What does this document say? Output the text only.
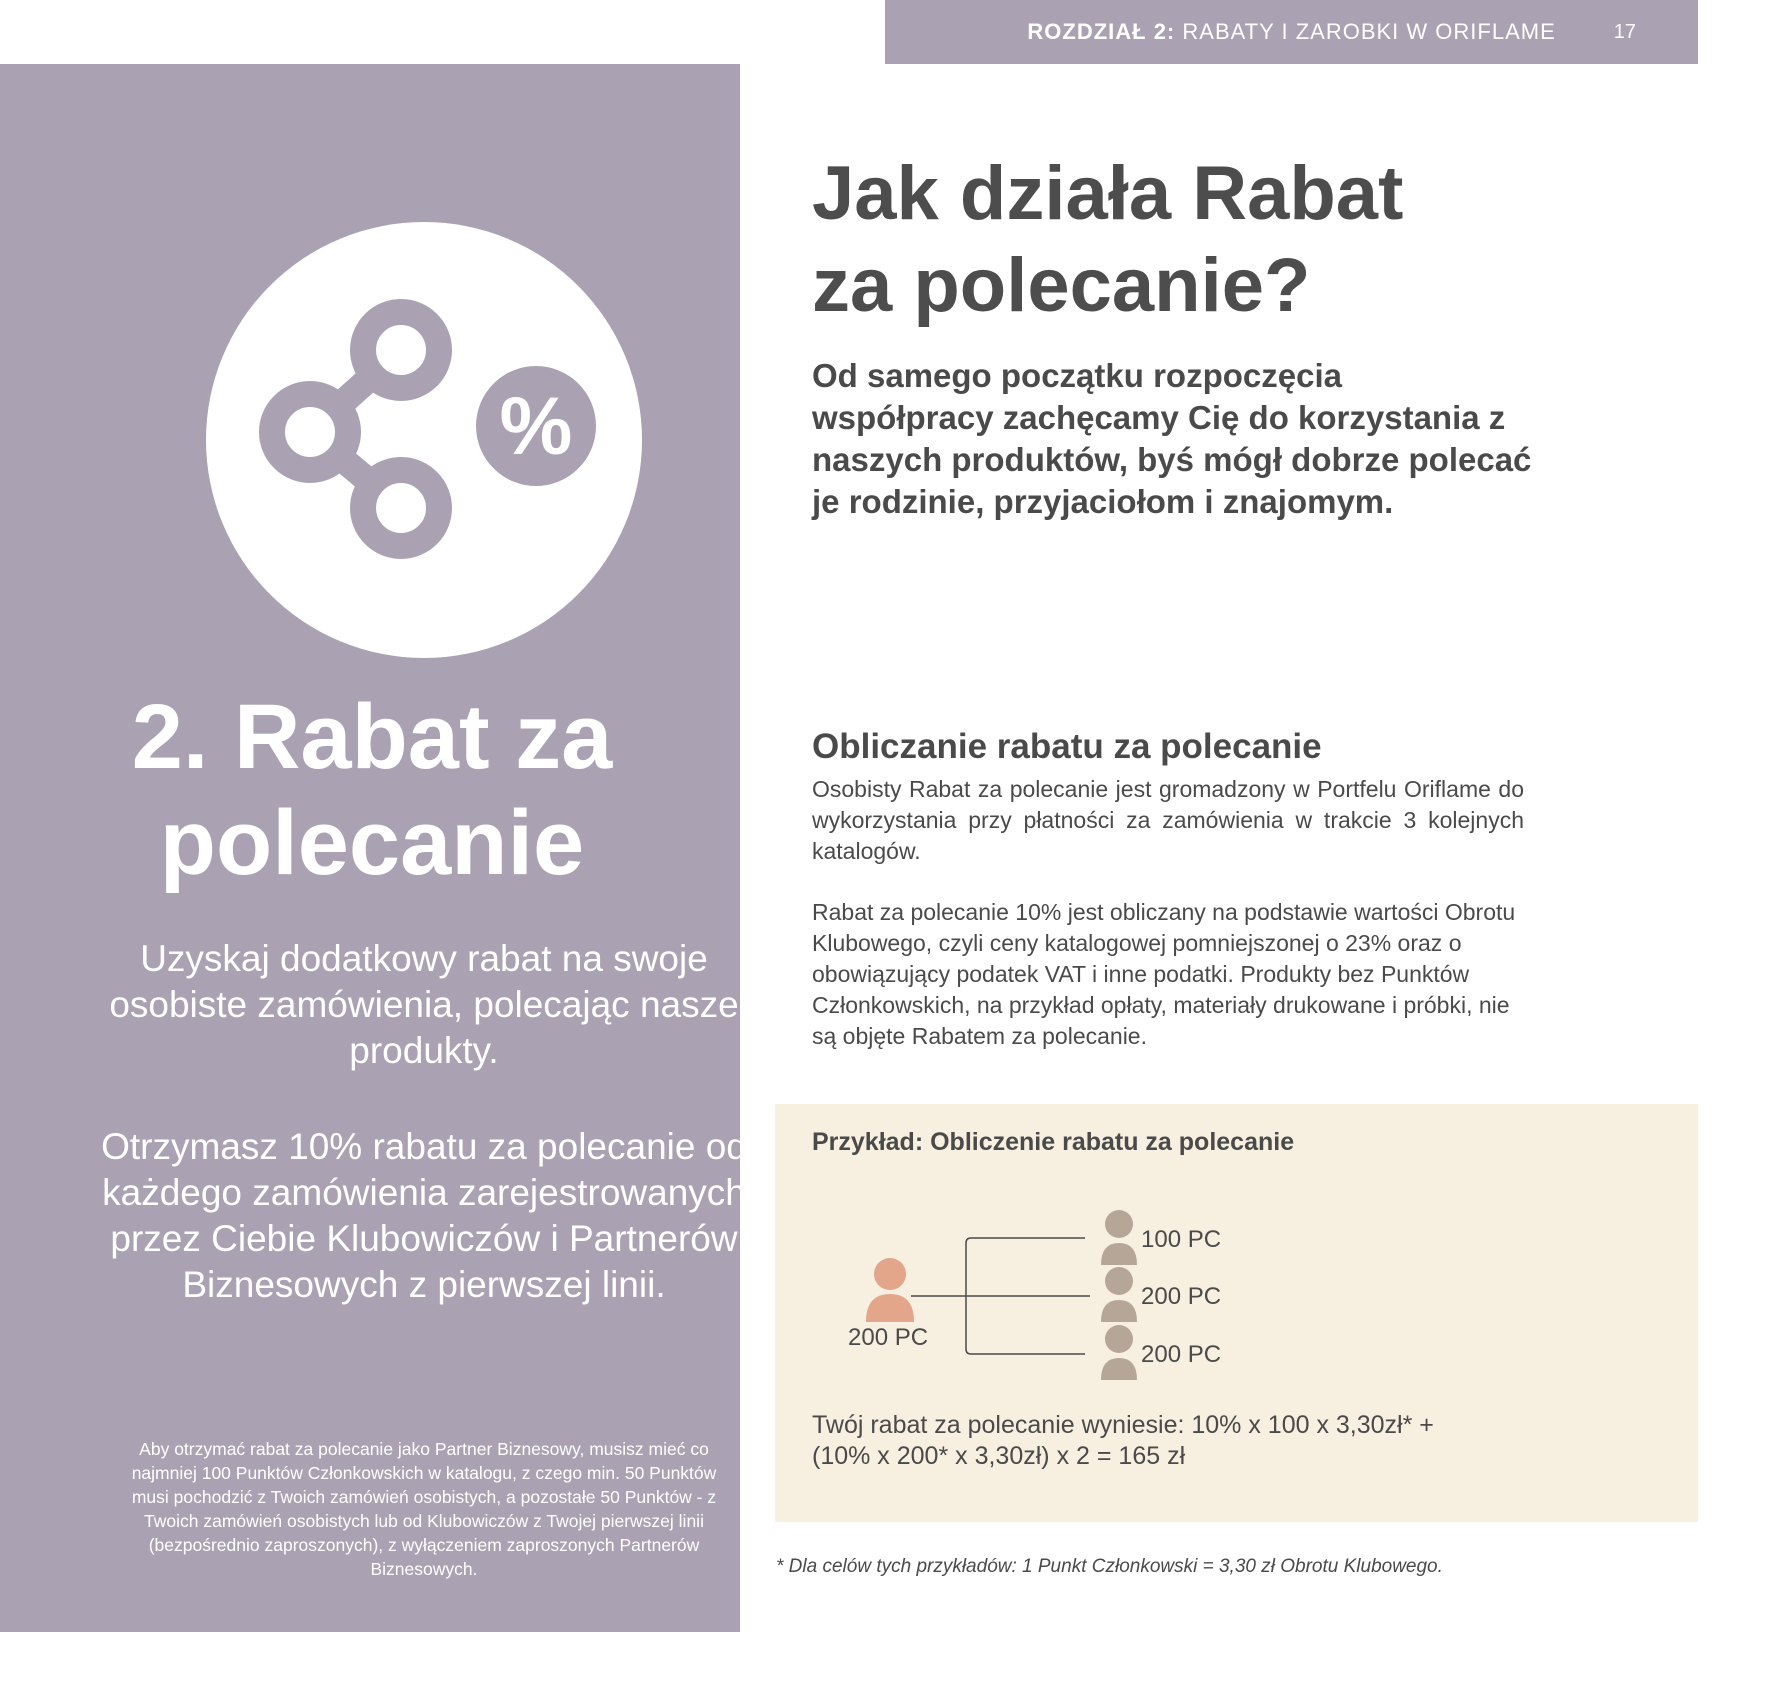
ROZDZIAŁ 2:
RABATY I ZAROBKI W ORIFLAME	17
%
2. Rabat za
polecanie
Uzyskaj dodatkowy rabat na swoje osobiste zamówienia, polecając nasze produkty.
Otrzymasz 10% rabatu za polecanie od każdego zamówienia zarejestrowanych przez Ciebie Klubowiczów i Partnerów Biznesowych z pierwszej linii.
Aby otrzymać rabat za polecanie jako Partner Biznesowy, musisz mieć co najmniej 100 Punktów Członkowskich w katalogu, z czego min. 50 Punktów musi pochodzić z Twoich zamówień osobistych, a pozostałe 50 Punktów - z Twoich zamówień osobistych lub od Klubowiczów z Twojej pierwszej linii (bezpośrednio zaproszonych), z wyłączeniem zaproszonych Partnerów Biznesowych.
Jak działa Rabat
za polecanie?
Od samego początku rozpoczęcia współpracy zachęcamy Cię do korzystania z naszych produktów, byś mógł dobrze polecać je rodzinie, przyjaciołom i znajomym.
Obliczanie rabatu za polecanie
Osobisty Rabat za polecanie jest gromadzony w Portfelu Oriflame do wykorzystania przy płatności za zamówienia w trakcie 3 kolejnych katalogów.
Rabat za polecanie 10% jest obliczany na podstawie wartości Obrotu Klubowego, czyli ceny katalogowej pomniejszonej o 23% oraz o obowiązujący podatek VAT i inne podatki. Produkty bez Punktów Członkowskich, na przykład opłaty, materiały drukowane i próbki, nie są objęte Rabatem za polecanie.
Przykład: Obliczenie rabatu za polecanie
200 PC
100 PC
200 PC
200 PC
Twój rabat za polecanie wyniesie: 10% x 100 x 3,30zł* +
(10% x 200* x 3,30zł) x 2 = 165 zł
* Dla celów tych przykładów: 1 Punkt Członkowski = 3,30 zł Obrotu Klubowego.
